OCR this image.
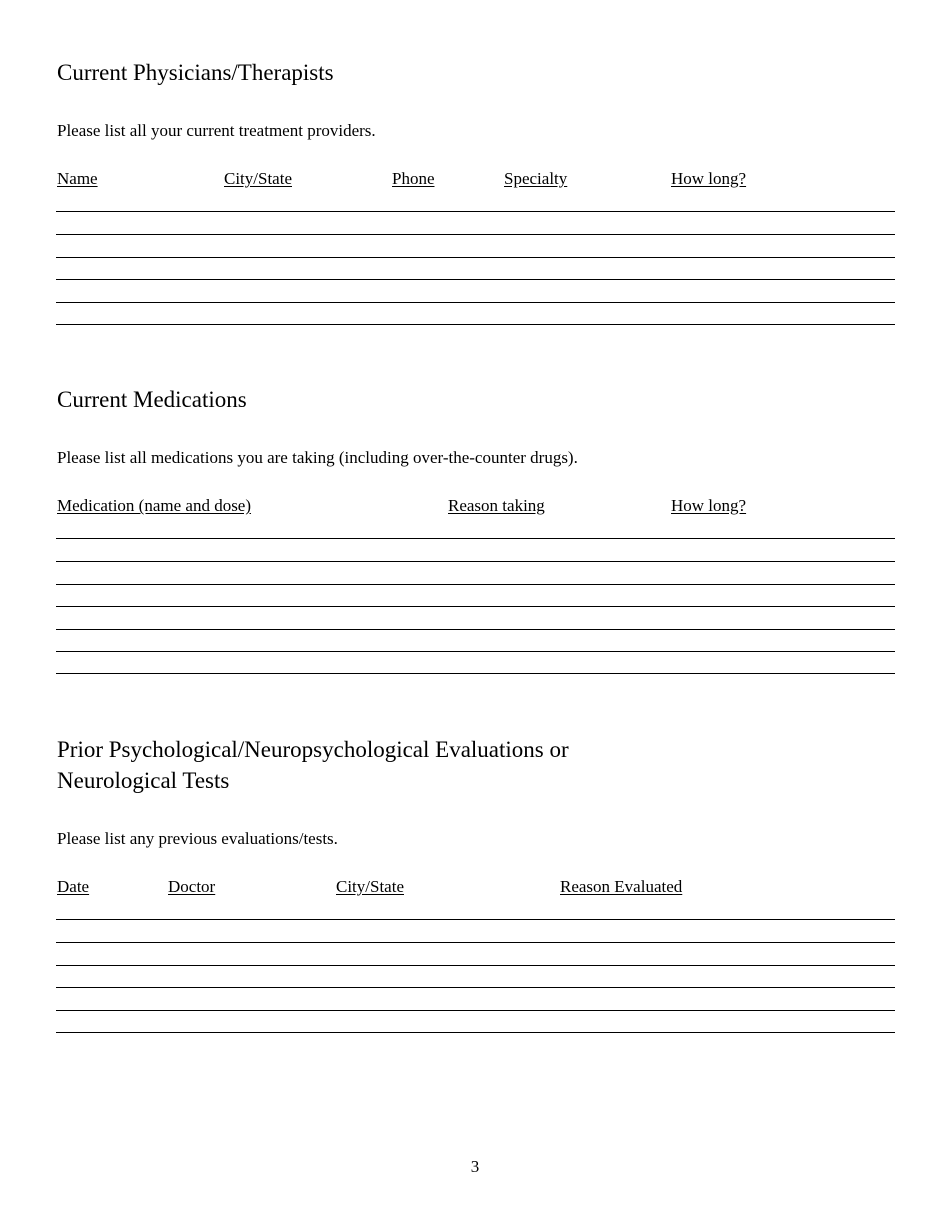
Current Physicians/Therapists
Please list all your current treatment providers.
Name	City/State	Phone	Specialty	How long?
Current Medications
Please list all medications you are taking (including over-the-counter drugs).
Medication (name and dose)	Reason taking	How long?
Prior Psychological/Neuropsychological Evaluations or
Neurological Tests
Please list any previous evaluations/tests.
Date	Doctor	City/State	Reason Evaluated
3
